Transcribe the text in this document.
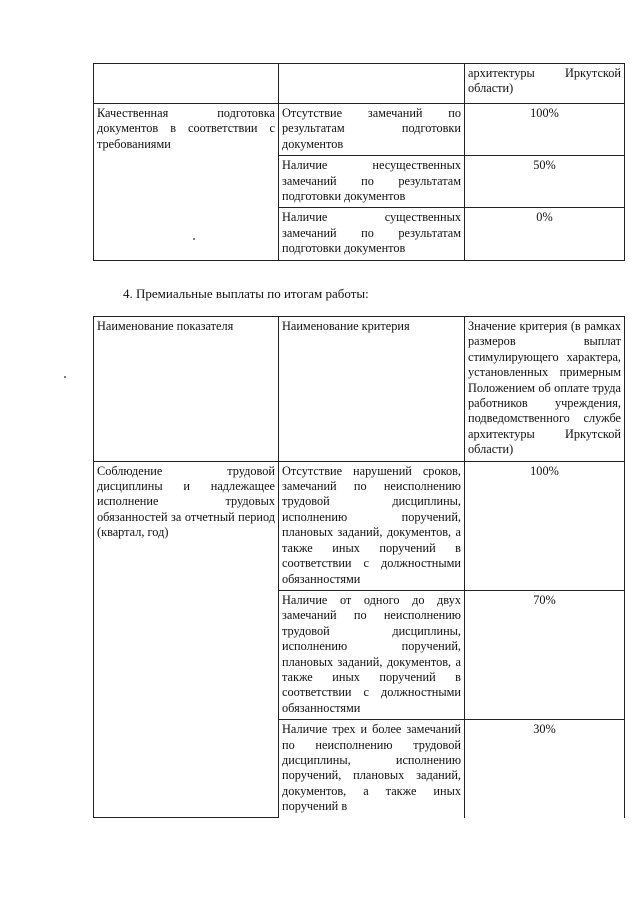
		архитектуры Иркутской области)
Качественная подготовка документов в соответствии с требованиями	Отсутствие замечаний по результатам подготовки документов	100%
	Наличие несущественных замечаний по результатам подготовки документов	50%
	Наличие существенных замечаний по результатам подготовки документов	0%
4. Премиальные выплаты по итогам работы:
Наименование показателя	Наименование критерия	Значение критерия (в рамках размеров выплат стимулирующего характера, установленных примерным Положением об оплате труда работников учреждения, подведомственного службе архитектуры Иркутской области)
Соблюдение трудовой дисциплины и надлежащее исполнение трудовых обязанностей за отчетный период (квартал, год)	Отсутствие нарушений сроков, замечаний по неисполнению трудовой дисциплины, исполнению поручений, плановых заданий, документов, а также иных поручений в соответствии с должностными обязанностями	100%
	Наличие от одного до двух замечаний по неисполнению трудовой дисциплины, исполнению поручений, плановых заданий, документов, а также иных поручений в соответствии с должностными обязанностями	70%
	Наличие трех и более замечаний по неисполнению трудовой дисциплины, исполнению поручений, плановых заданий, документов, а также иных поручений в	30%
